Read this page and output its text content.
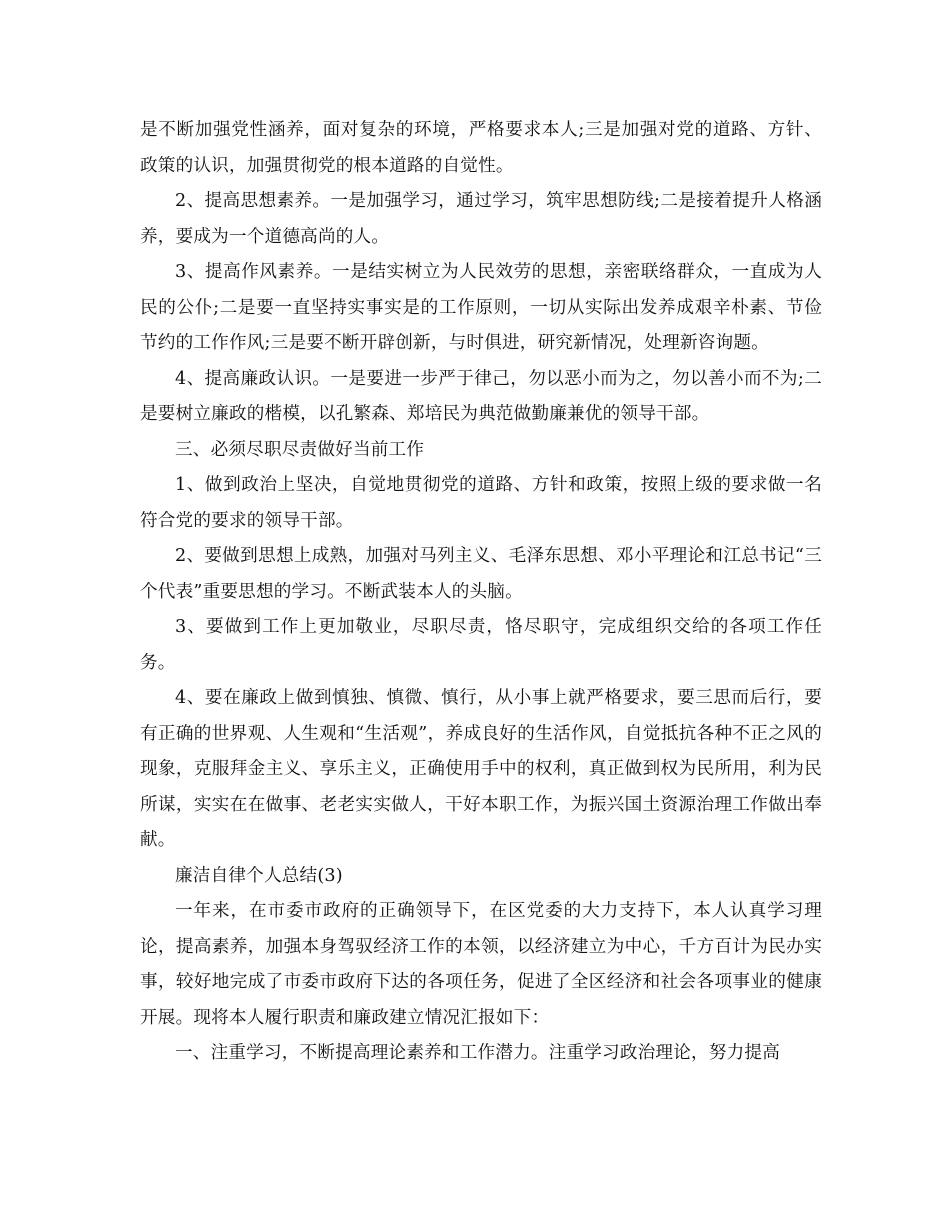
是不断加强党性涵养，面对复杂的环境，严格要求本人;三是加强对党的道路、方针、政策的认识，加强贯彻党的根本道路的自觉性。

2、提高思想素养。一是加强学习，通过学习，筑牢思想防线;二是接着提升人格涵养，要成为一个道德高尚的人。

3、提高作风素养。一是结实树立为人民效劳的思想，亲密联络群众，一直成为人民的公仆;二是要一直坚持实事实是的工作原则，一切从实际出发养成艰辛朴素、节俭节约的工作作风;三是要不断开辟创新，与时俱进，研究新情况，处理新咨询题。

4、提高廉政认识。一是要进一步严于律己，勿以恶小而为之，勿以善小而不为;二是要树立廉政的楷模，以孔繁森、郑培民为典范做勤廉兼优的领导干部。

三、必须尽职尽责做好当前工作

1、做到政治上坚决，自觉地贯彻党的道路、方针和政策，按照上级的要求做一名符合党的要求的领导干部。

2、要做到思想上成熟，加强对马列主义、毛泽东思想、邓小平理论和江总书记“三个代表”重要思想的学习。不断武装本人的头脑。

3、要做到工作上更加敬业，尽职尽责，恪尽职守，完成组织交给的各项工作任务。

4、要在廉政上做到慎独、慎微、慎行，从小事上就严格要求，要三思而后行，要有正确的世界观、人生观和“生活观”，养成良好的生活作风，自觉抵抗各种不正之风的现象，克服拜金主义、享乐主义，正确使用手中的权利，真正做到权为民所用，利为民所谋，实实在在做事、老老实实做人，干好本职工作，为振兴国土资源治理工作做出奉献。

廉洁自律个人总结(3)

一年来，在市委市政府的正确领导下，在区党委的大力支持下，本人认真学习理论，提高素养，加强本身驾驭经济工作的本领，以经济建立为中心，千方百计为民办实事，较好地完成了市委市政府下达的各项任务，促进了全区经济和社会各项事业的健康开展。现将本人履行职责和廉政建立情况汇报如下：

一、注重学习，不断提高理论素养和工作潜力。注重学习政治理论，努力提高
